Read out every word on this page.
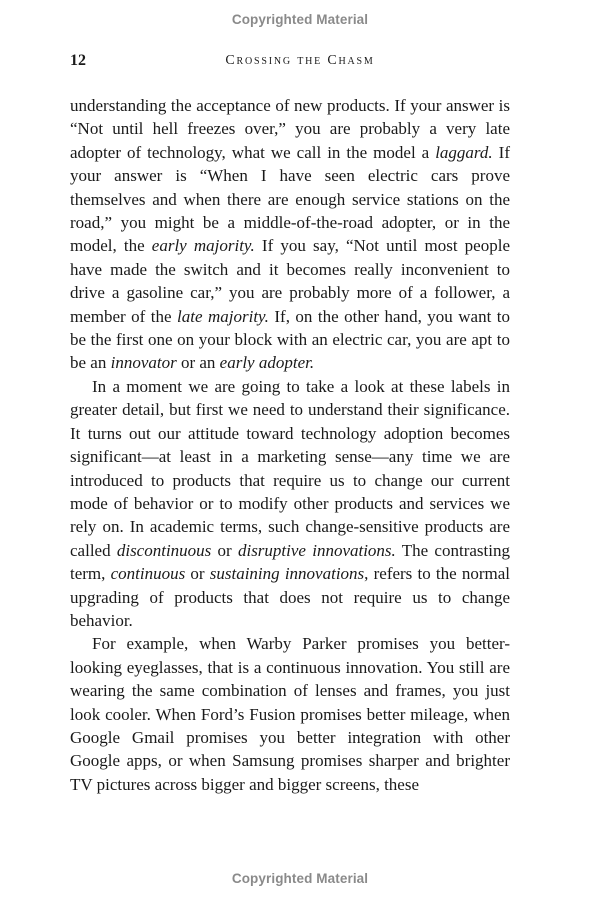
Copyrighted Material
12	Crossing the Chasm

understanding the acceptance of new products. If your answer is “Not until hell freezes over,” you are probably a very late adopter of technology, what we call in the model a laggard. If your answer is “When I have seen electric cars prove themselves and when there are enough service stations on the road,” you might be a middle-of-the-road adopter, or in the model, the early majority. If you say, “Not until most people have made the switch and it becomes really inconvenient to drive a gasoline car,” you are probably more of a follower, a member of the late majority. If, on the other hand, you want to be the first one on your block with an electric car, you are apt to be an innovator or an early adopter.

In a moment we are going to take a look at these labels in greater detail, but first we need to understand their significance. It turns out our attitude toward technology adoption becomes significant—at least in a marketing sense—any time we are introduced to products that require us to change our current mode of behavior or to modify other products and services we rely on. In academic terms, such change-sensitive products are called discontinuous or disruptive innovations. The contrasting term, continuous or sustaining innovations, refers to the normal upgrading of products that does not require us to change behavior.

For example, when Warby Parker promises you better-looking eyeglasses, that is a continuous innovation. You still are wearing the same combination of lenses and frames, you just look cooler. When Ford’s Fusion promises better mileage, when Google Gmail promises you better integration with other Google apps, or when Samsung promises sharper and brighter TV pictures across bigger and bigger screens, these

Copyrighted Material
